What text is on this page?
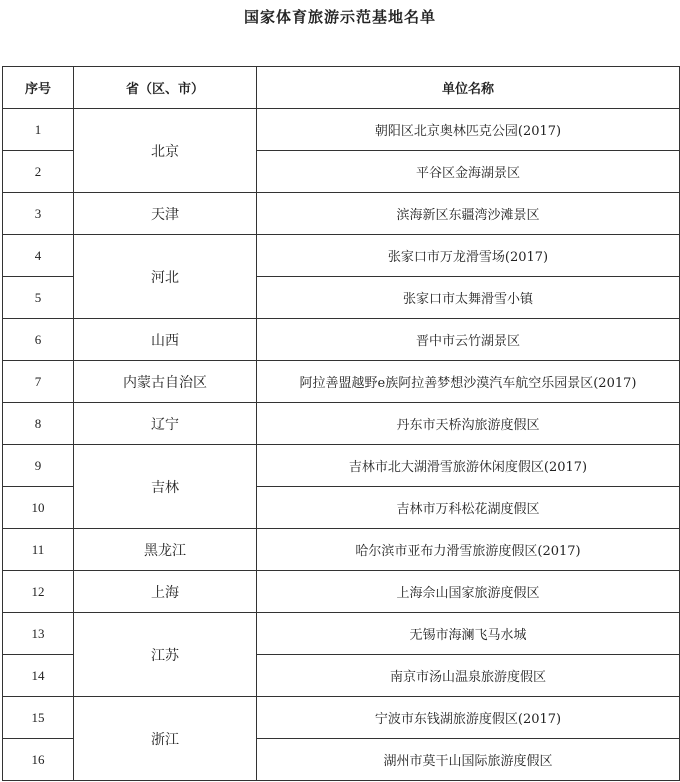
国家体育旅游示范基地名单
序号	省（区、市）	单位名称
1	北京	朝阳区北京奥林匹克公园(2017)
2		平谷区金海湖景区
3	天津	滨海新区东疆湾沙滩景区
4	河北	张家口市万龙滑雪场(2017)
5		张家口市太舞滑雪小镇
6	山西	晋中市云竹湖景区
7	内蒙古自治区	阿拉善盟越野e族阿拉善梦想沙漠汽车航空乐园景区(2017)
8	辽宁	丹东市天桥沟旅游度假区
9	吉林	吉林市北大湖滑雪旅游休闲度假区(2017)
10		吉林市万科松花湖度假区
11	黑龙江	哈尔滨市亚布力滑雪旅游度假区(2017)
12	上海	上海佘山国家旅游度假区
13	江苏	无锡市海澜飞马水城
14		南京市汤山温泉旅游度假区
15	浙江	宁波市东钱湖旅游度假区(2017)
16		湖州市莫干山国际旅游度假区
